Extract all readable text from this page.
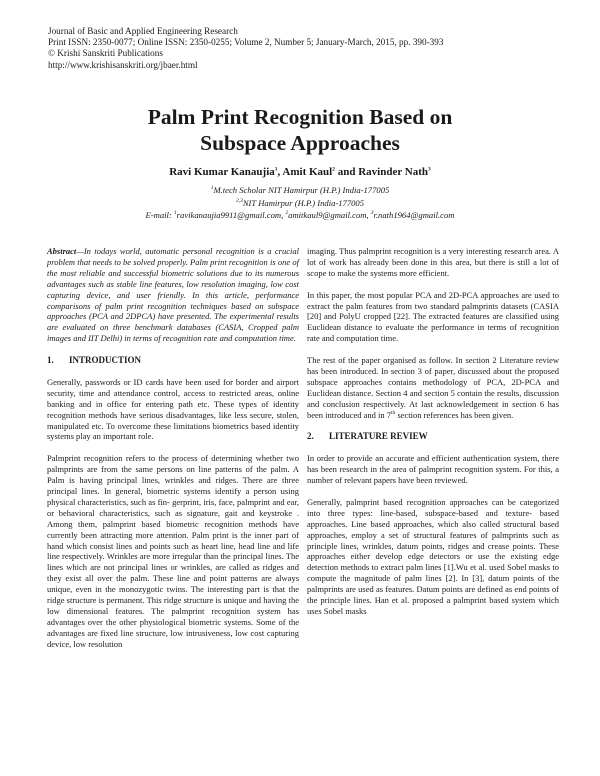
Journal of Basic and Applied Engineering Research
Print ISSN: 2350-0077; Online ISSN: 2350-0255; Volume 2, Number 5; January-March, 2015, pp. 390-393
© Krishi Sanskriti Publications
http://www.krishisanskriti.org/jbaer.html
Palm Print Recognition Based on
Subspace Approaches
Ravi Kumar Kanaujia$^1$, Amit Kaul$^2$ and Ravinder Nath$^3$
$^1$M.tech Scholar NIT Hamirpur (H.P.) India-177005
$^{2,3}$NIT Hamirpur (H.P.) India-177005
E-mail: $^1$ravikanaujia9911@gmail.com, $^2$amitkaul9@gmail.com, $^3$r.nath1964@gmail.com

Abstract—In todays world, automatic personal recognition is a crucial problem that needs to be solved properly. Palm print recognition is one of the most reliable and successful biometric solutions due to its numerous advantages such as stable line features, low resolution imaging, low cost capturing device, and user friendly. In this article, performance comparisons of palm print recognition techniques based on subspace approaches (PCA and 2DPCA) have presented. The experimental results are evaluated on three benchmark databases (CASIA, Cropped palm images and IIT Delhi) in terms of recognition rate and computation time.

1. INTRODUCTION

Generally, passwords or ID cards have been used for border and airport security, time and attendance control, access to restricted areas, online banking and in office for entering path etc. These types of identity recognition methods have serious disadvantages, like less secure, stolen, manipulated etc. To overcome these limitations biometrics based identity systems play an important role.

Palmprint recognition refers to the process of determining whether two palmprints are from the same persons on line patterns of the palm. A Palm is having principal lines, wrinkles and ridges. There are three principal lines. In general, biometric systems identify a person using physical characteristics, such as fin- gerprint, iris, face, palmprint and ear, or behavioral characteristics, such as signature, gait and keystroke . Among them, palmprint based biometric recognition methods have currently been attracting more attention. Palm print is the inner part of hand which consist lines and points such as heart line, head line and life line respectively. Wrinkles are more irregular than the principal lines. The lines which are not principal lines or wrinkles, are called as ridges and they exist all over the palm. These line and point patterns are always unique, even in the monozygotic twins. The interesting part is that the ridge structure is permanent. This ridge structure is unique and having the low dimensional features. The palmprint recognition system has advantages over the other physiological biometric systems. Some of the advantages are fixed line structure, low intrusiveness, low cost capturing device, low resolution

imaging. Thus palmprint recognition is a very interesting research area. A lot of work has already been done in this area, but there is still a lot of scope to make the systems more efficient.

In this paper, the most popular PCA and 2D-PCA approaches are used to extract the palm features from two standard palmprints datasets (CASIA [20] and PolyU cropped [22]. The extracted features are classified using Euclidean distance to evaluate the performance in terms of recognition rate and computation time.

The rest of the paper organised as follow. In section 2 Literature review has been introduced. In section 3 of paper, discussed about the proposed subspace approaches contains methodology of PCA, 2D-PCA and Euclidean distance. Section 4 and section 5 contain the results, discussion and conclusion respectively. At last acknowledgement in section 6 has been introduced and in 7th section references has been given.

2. LITERATURE REVIEW

In order to provide an accurate and efficient authentication system, there has been research in the area of palmprint recognition system. For this, a number of relevant papers have been reviewed.

Generally, palmprint based recognition approaches can be categorized into three types: line-based, subspace-based and texture- based approaches. Line based approaches, which also called structural based approaches, employ a set of structural features of palmprints such as principle lines, wrinkles, datum points, ridges and crease points. These approaches either develop edge detectors or use the existing edge detection methods to extract palm lines [1].Wu et al. used Sobel masks to compute the magnitude of palm lines [2]. In [3], datum points of the palmprints are used as features. Datum points are defined as end points of the principle lines. Han et al. proposed a palmprint based system which uses Sobel masks
